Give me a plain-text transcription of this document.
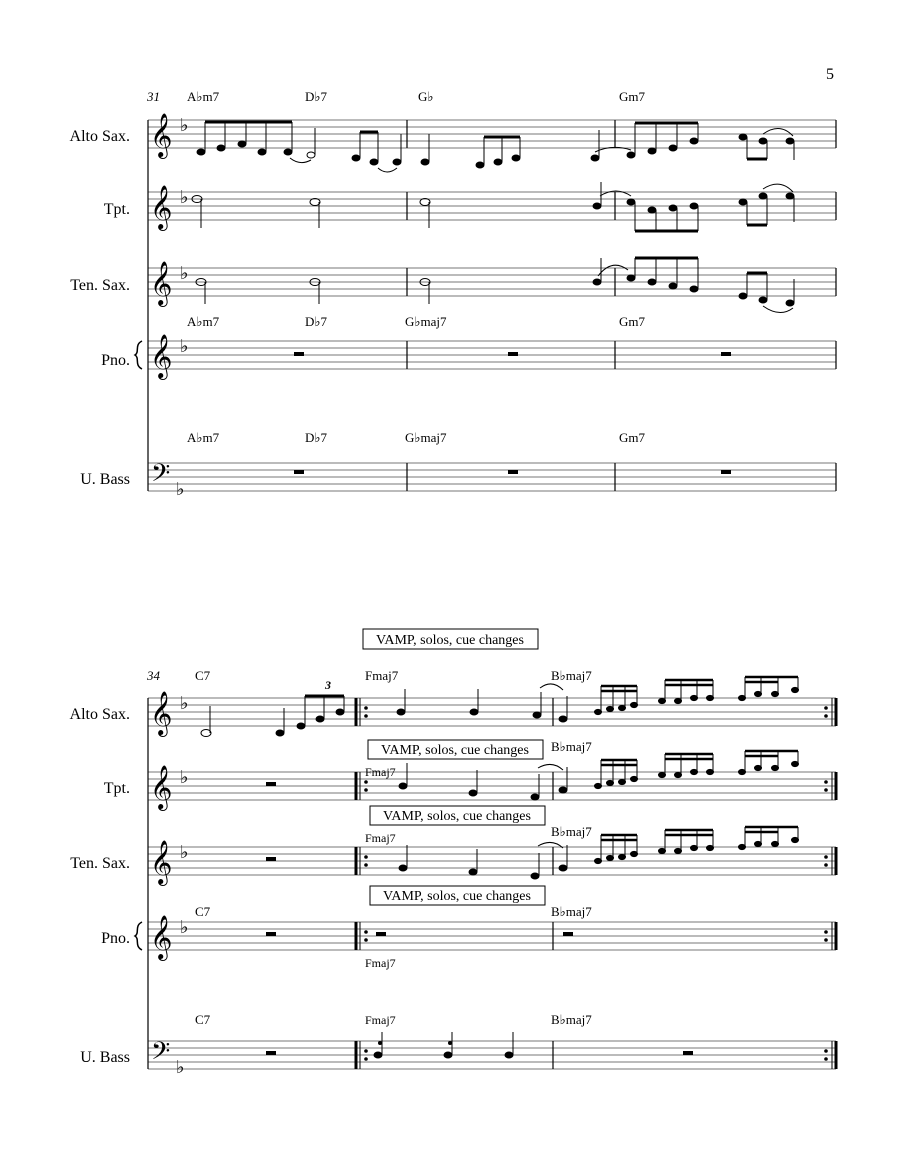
5
31 A♭m7	D♭7	G♭	Gm7
Alto Sax.
Tpt.
Ten. Sax.
Pno.
U. Bass
A♭m7	D♭7	G♭maj7	Gm7
A♭m7	D♭7	G♭maj7	Gm7
𝄞 ♭
𝄞 ♭
𝄞 ♭
𝄞 ♭
𝄢 ♭
VAMP, solos, cue changes
34	C7	Fmaj7	B♭maj7
Alto Sax.
Tpt.
Ten. Sax.
Pno.
U. Bass
VAMP, solos, cue changes
VAMP, solos, cue changes
VAMP, solos, cue changes
Fmaj7
B♭maj7
Fmaj7	B♭maj7
C7	B♭maj7
Fmaj7
C7	Fmaj7	B♭maj7
𝄞 ♭
𝄞 ♭
𝄞 ♭
𝄞 ♭
𝄢 ♭
3
